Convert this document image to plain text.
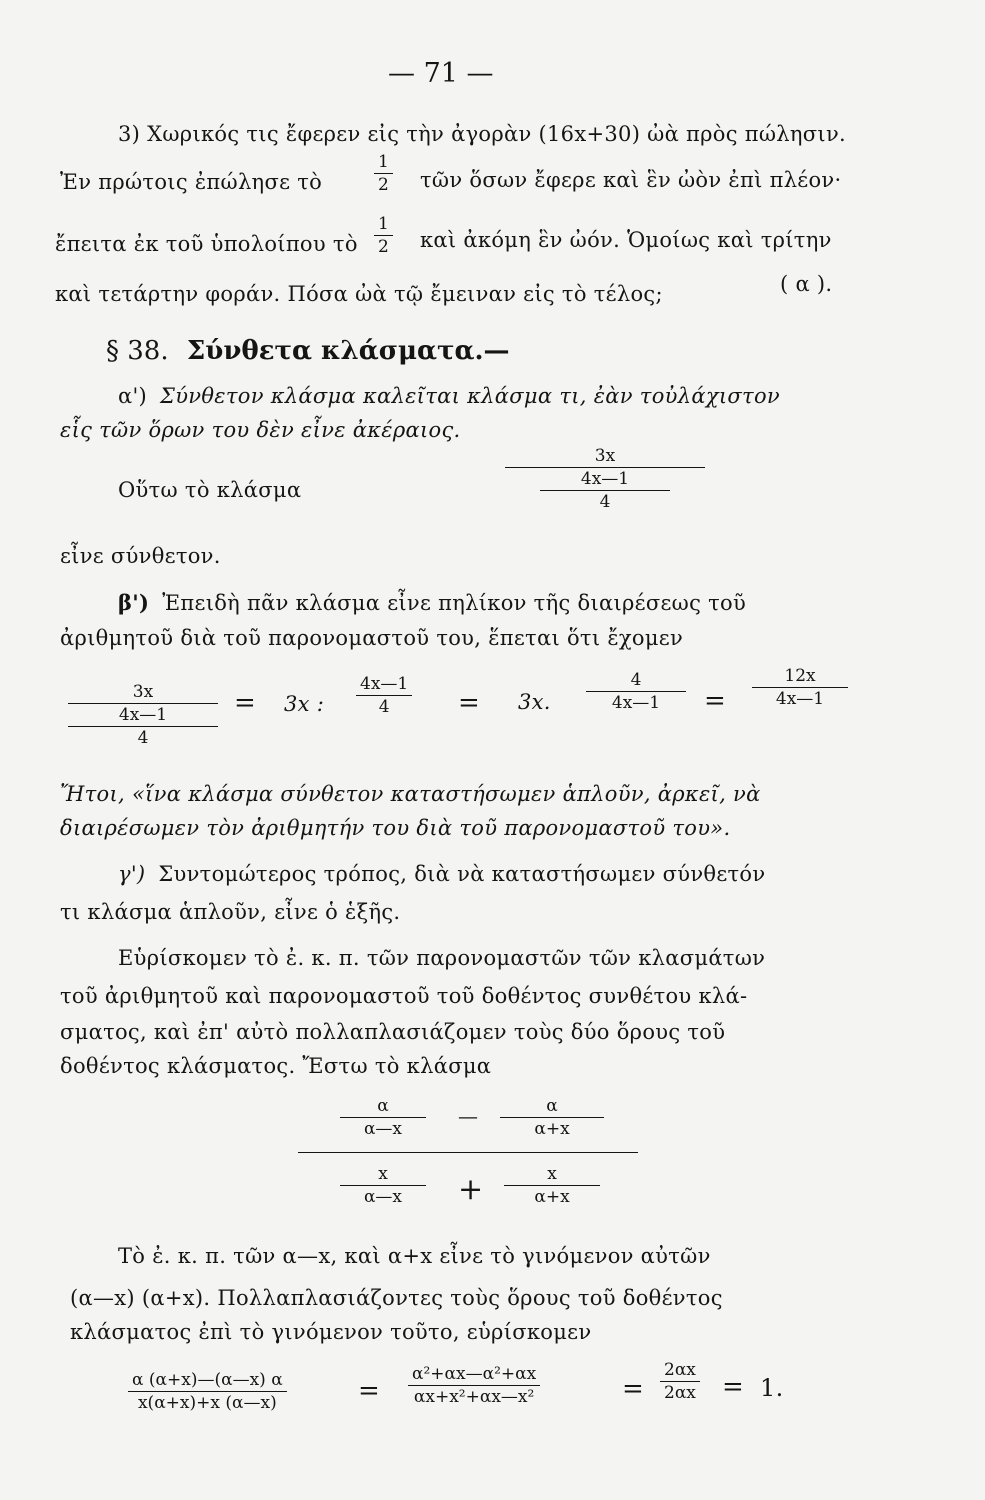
— 71 —
3) Χωρικός τις ἔφερεν εἰς τὴν ἀγορὰν (16x+30) ὠὰ πρὸς πώλησιν.
Ἐν πρώτοις ἐπώλησε τὸ
1
2 τῶν ὅσων ἔφερε καὶ ἓν ὠὸν ἐπὶ πλέον·
ἔπειτα ἐκ τοῦ ὑπολοίπου τὸ
1
2 καὶ ἀκόμη ἓν ὠόν. Ὁμοίως καὶ τρίτην
καὶ τετάρτην φοράν. Πόσα ὠὰ τῷ ἔμειναν εἰς τὸ τέλος;	( α ).
§ 38. Σύνθετα κλάσματα.—
α') Σύνθετον κλάσμα καλεῖται κλάσμα τι, ἐὰν τοὐλάχιστον
εἷς τῶν ὅρων του δὲν εἶνε ἀκέραιος.
Οὕτω τὸ κλάσμα
3x
$\frac{4x—1}{4}$
εἶνε σύνθετον.
β') Ἐπειδὴ πᾶν κλάσμα εἶνε πηλίκον τῆς διαιρέσεως τοῦ
ἀριθμητοῦ διὰ τοῦ παρονομαστοῦ του, ἕπεται ὅτι ἔχομεν
3x
4x—1
4
= 3x :
4x—1
4	= 3x.
4
4x—1 =
12x
4x—1
Ἤτοι, «ἵνα κλάσμα σύνθετον καταστήσωμεν ἁπλοῦν, ἀρκεῖ, νὰ
διαιρέσωμεν τὸν ἀριθμητήν του διὰ τοῦ παρονομαστοῦ του».
γ') Συντομώτερος τρόπος, διὰ νὰ καταστήσωμεν σύνθετόν
τι κλάσμα ἁπλοῦν, εἶνε ὁ ἑξῆς.
Εὑρίσκομεν τὸ ἐ. κ. π. τῶν παρονομαστῶν τῶν κλασμάτων
τοῦ ἀριθμητοῦ καὶ παρονομαστοῦ τοῦ δοθέντος συνθέτου κλά-
σματος, καὶ ἐπ' αὐτὸ πολλαπλασιάζομεν τοὺς δύο ὅρους τοῦ
δοθέντος κλάσματος. Ἔστω τὸ κλάσμα
α
α—x
—	α
α+x
x
α—x +	x
α+x
Τὸ ἐ. κ. π. τῶν α—x, καὶ α+x εἶνε τὸ γινόμενον αὐτῶν
(α—x) (α+x). Πολλαπλασιάζοντες τοὺς ὅρους τοῦ δοθέντος
κλάσματος ἐπὶ τὸ γινόμενον τοῦτο, εὑρίσκομεν
α (α+x)—(α—x) α
x(α+x)+x (α—x)	=
α²+αx—α²+αx
αx+x²+αx—x²	=
2αx
2αx = 1.
